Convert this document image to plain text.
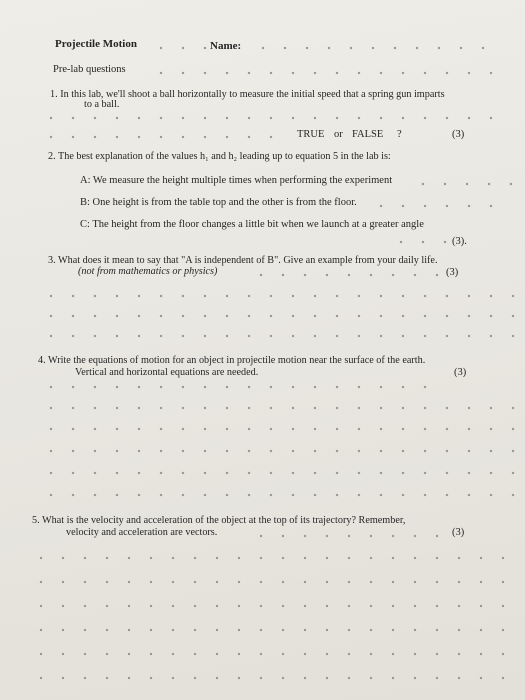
Projectile Motion	Name:
Pre-lab questions
1. In this lab, we'll shoot a ball horizontally to measure the initial speed that a spring gun imparts
to a ball.
TRUE or FALSE ?	(3)
2. The best explanation of the values h₁ and h₂ leading up to equation 5 in the lab is:
A: We measure the height multiple times when performing the experiment
B: One height is from the table top and the other is from the floor.
C: The height from the floor changes a little bit when we launch at a greater angle
(3).
3. What does it mean to say that "A is independent of B". Give an example from your daily life.
(not from mathematics or physics)	(3)
4. Write the equations of motion for an object in projectile motion near the surface of the earth.
Vertical and horizontal equations are needed.	(3)
5. What is the velocity and acceleration of the object at the top of its trajectory? Remember,
velocity and acceleration are vectors.	(3)
